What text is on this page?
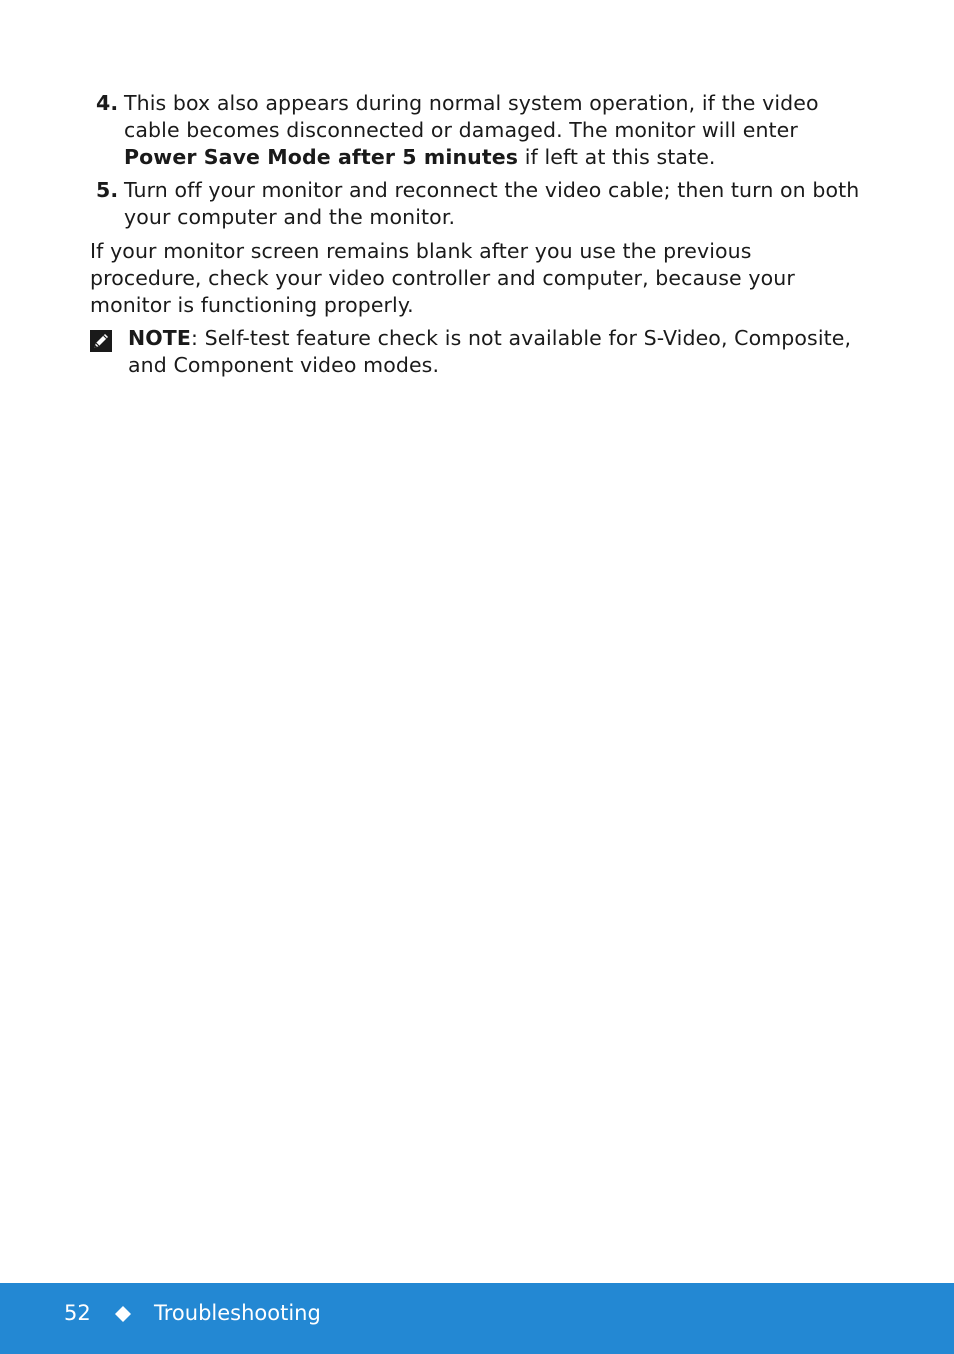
4. This box also appears during normal system operation, if the video cable becomes disconnected or damaged. The monitor will enter Power Save Mode after 5 minutes if left at this state.
5. Turn off your monitor and reconnect the video cable; then turn on both your computer and the monitor.
If your monitor screen remains blank after you use the previous procedure, check your video controller and computer, because your monitor is functioning properly.
NOTE: Self-test feature check is not available for S-Video, Composite, and Component video modes.
52	Troubleshooting
